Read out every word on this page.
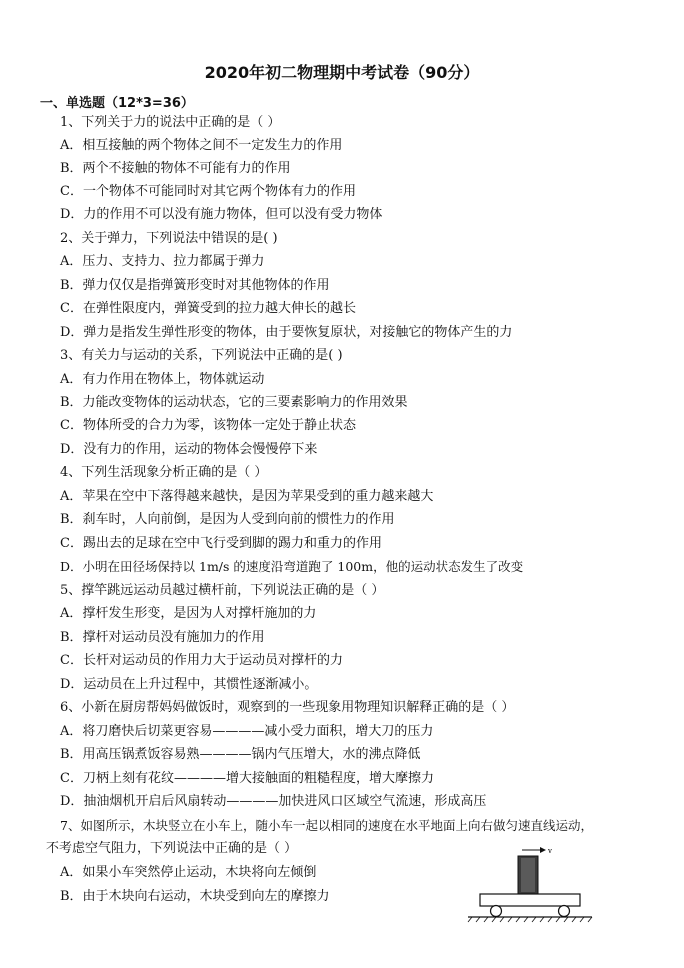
2020年初二物理期中考试卷（90分）
一、单选题（12*3=36）
1、下列关于力的说法中正确的是（ ）
A．相互接触的两个物体之间不一定发生力的作用
B．两个不接触的物体不可能有力的作用
C．一个物体不可能同时对其它两个物体有力的作用
D．力的作用不可以没有施力物体，但可以没有受力物体
2、关于弹力，下列说法中错误的是( )
A．压力、支持力、拉力都属于弹力
B．弹力仅仅是指弹簧形变时对其他物体的作用
C．在弹性限度内，弹簧受到的拉力越大伸长的越长
D．弹力是指发生弹性形变的物体，由于要恢复原状，对接触它的物体产生的力
3、有关力与运动的关系，下列说法中正确的是( )
A．有力作用在物体上，物体就运动
B．力能改变物体的运动状态，它的三要素影响力的作用效果
C．物体所受的合力为零，该物体一定处于静止状态
D．没有力的作用，运动的物体会慢慢停下来
4、下列生活现象分析正确的是（ ）
A．苹果在空中下落得越来越快，是因为苹果受到的重力越来越大
B．刹车时，人向前倒，是因为人受到向前的惯性力的作用
C．踢出去的足球在空中飞行受到脚的踢力和重力的作用
D．小明在田径场保持以 1m/s 的速度沿弯道跑了 100m，他的运动状态发生了改变
5、撑竿跳远运动员越过横杆前，下列说法正确的是（ ）
A．撑杆发生形变，是因为人对撑杆施加的力
B．撑杆对运动员没有施加力的作用
C．长杆对运动员的作用力大于运动员对撑杆的力
D．运动员在上升过程中，其惯性逐渐减小。
6、小新在厨房帮妈妈做饭时，观察到的一些现象用物理知识解释正确的是（ ）
A．将刀磨快后切菜更容易————减小受力面积，增大刀的压力
B．用高压锅煮饭容易熟————锅内气压增大，水的沸点降低
C．刀柄上刻有花纹————增大接触面的粗糙程度，增大摩擦力
D．抽油烟机开启后风扇转动————加快进风口区域空气流速，形成高压
7、如图所示，木块竖立在小车上，随小车一起以相同的速度在水平地面上向右做匀速直线运动，
不考虑空气阻力，下列说法中正确的是（ ）
A．如果小车突然停止运动，木块将向左倾倒
B．由于木块向右运动，木块受到向左的摩擦力
v
